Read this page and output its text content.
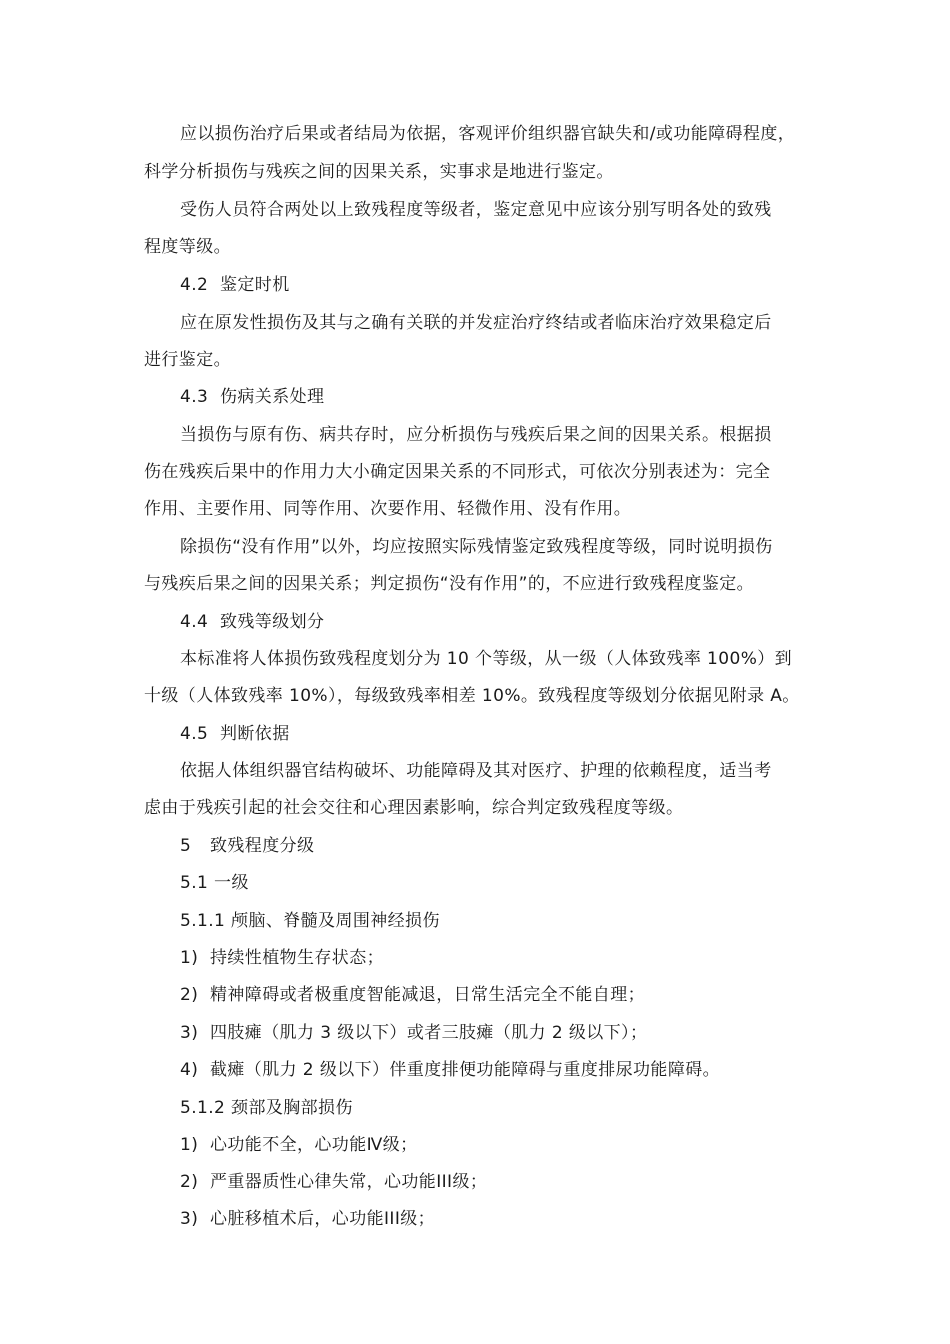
应以损伤治疗后果或者结局为依据，客观评价组织器官缺失和/或功能障碍程度，
科学分析损伤与残疾之间的因果关系，实事求是地进行鉴定。
受伤人员符合两处以上致残程度等级者，鉴定意见中应该分别写明各处的致残
程度等级。
4.2 鉴定时机
应在原发性损伤及其与之确有关联的并发症治疗终结或者临床治疗效果稳定后
进行鉴定。
4.3 伤病关系处理
当损伤与原有伤、病共存时，应分析损伤与残疾后果之间的因果关系。根据损
伤在残疾后果中的作用力大小确定因果关系的不同形式，可依次分别表述为：完全
作用、主要作用、同等作用、次要作用、轻微作用、没有作用。
除损伤“没有作用”以外，均应按照实际残情鉴定致残程度等级，同时说明损伤
与残疾后果之间的因果关系；判定损伤“没有作用”的，不应进行致残程度鉴定。
4.4 致残等级划分
本标准将人体损伤致残程度划分为 10 个等级，从一级（人体致残率 100%）到
十级（人体致残率 10%），每级致残率相差 10%。致残程度等级划分依据见附录 A。
4.5 判断依据
依据人体组织器官结构破坏、功能障碍及其对医疗、护理的依赖程度，适当考
虑由于残疾引起的社会交往和心理因素影响，综合判定致残程度等级。
5 致残程度分级
5.1 一级
5.1.1 颅脑、脊髓及周围神经损伤
1) 持续性植物生存状态；
2) 精神障碍或者极重度智能减退，日常生活完全不能自理；
3) 四肢瘫（肌力 3 级以下）或者三肢瘫（肌力 2 级以下）；
4) 截瘫（肌力 2 级以下）伴重度排便功能障碍与重度排尿功能障碍。
5.1.2 颈部及胸部损伤
1) 心功能不全，心功能Ⅳ级；
2) 严重器质性心律失常，心功能III级；
3) 心脏移植术后，心功能III级；
